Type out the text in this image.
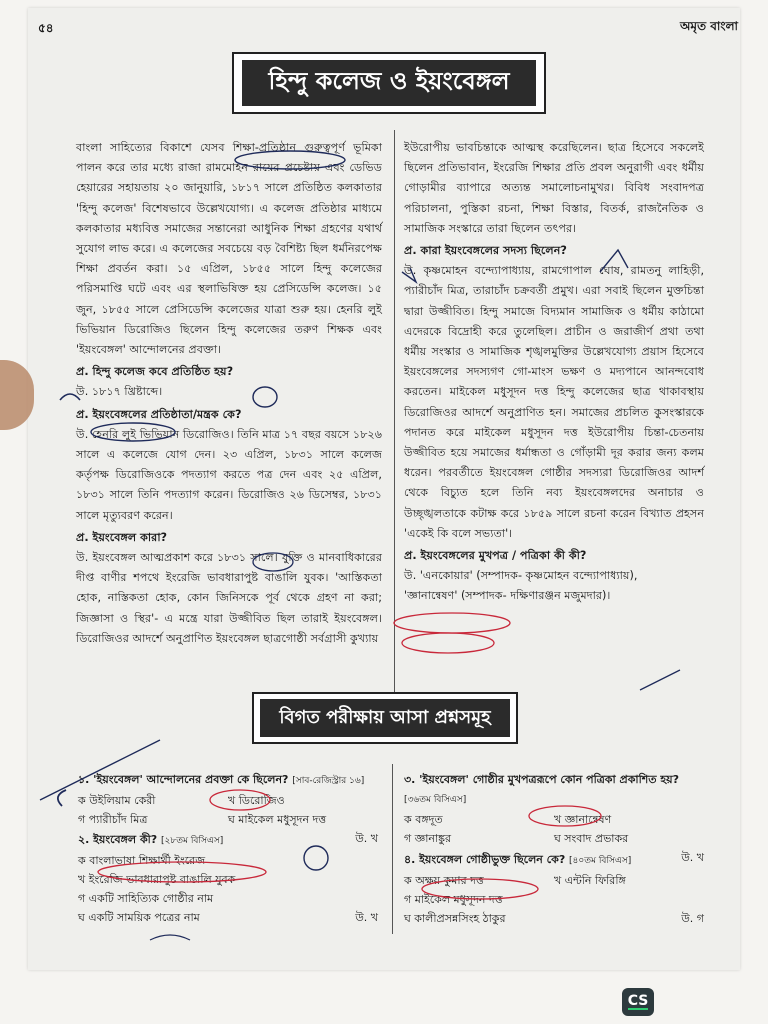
৫৪	অমৃত বাংলা
হিন্দু কলেজ ও ইয়ংবেঙ্গল

বাংলা সাহিত্যের বিকাশে যেসব শিক্ষা-প্রতিষ্ঠান গুরুত্বপূর্ণ ভূমিকা পালন করে তার মধ্যে রাজা রামমোহন রায়ের প্রচেষ্টায় এবং ডেভিড হেয়ারের সহায়তায় ২০ জানুয়ারি, ১৮১৭ সালে প্রতিষ্ঠিত কলকাতার 'হিন্দু কলেজ' বিশেষভাবে উল্লেখযোগ্য। এ কলেজ প্রতিষ্ঠার মাধ্যমে কলকাতার মধ্যবিত্ত সমাজের সন্তানেরা আধুনিক শিক্ষা গ্রহণের যথার্থ সুযোগ লাভ করে। এ কলেজের সবচেয়ে বড় বৈশিষ্ট্য ছিল ধর্মনিরপেক্ষ শিক্ষা প্রবর্তন করা। ১৫ এপ্রিল, ১৮৫৫ সালে হিন্দু কলেজের পরিসমাপ্তি ঘটে এবং এর স্থলাভিষিক্ত হয় প্রেসিডেন্সি কলেজ। ১৫ জুন, ১৮৫৫ সালে প্রেসিডেন্সি কলেজের যাত্রা শুরু হয়। হেনরি লুই ভিভিয়ান ডিরোজিও ছিলেন হিন্দু কলেজের তরুণ শিক্ষক এবং 'ইয়ংবেঙ্গল' আন্দোলনের প্রবক্তা।

প্র. হিন্দু কলেজ কবে প্রতিষ্ঠিত হয়?

উ. ১৮১৭ খ্রিষ্টাব্দে।

প্র. ইয়ংবেঙ্গলের প্রতিষ্ঠাতা/মন্ত্রক কে?

উ. হেনরি লুই ভিভিয়ান ডিরোজিও। তিনি মাত্র ১৭ বছর বয়সে ১৮২৬ সালে এ কলেজে যোগ দেন। ২৩ এপ্রিল, ১৮৩১ সালে কলেজ কর্তৃপক্ষ ডিরোজিওকে পদত্যাগ করতে পত্র দেন এবং ২৫ এপ্রিল, ১৮৩১ সালে তিনি পদত্যাগ করেন। ডিরোজিও ২৬ ডিসেম্বর, ১৮৩১ সালে মৃত্যুবরণ করেন।

প্র. ইয়ংবেঙ্গল কারা?

উ. ইয়ংবেঙ্গল আত্মপ্রকাশ করে ১৮৩১ সালে। যুক্তি ও মানবাধিকারের দীপ্ত বাণীর শপথে ইংরেজি ভাবধারাপুষ্ট বাঙালি যুবক। 'আস্তিকতা হোক, নাস্তিকতা হোক, কোন জিনিসকে পূর্ব থেকে গ্রহণ না করা; জিজ্ঞাসা ও স্থির'- এ মন্ত্রে যারা উজ্জীবিত ছিল তারাই ইয়ংবেঙ্গল। ডিরোজিওর আদর্শে অনুপ্রাণিত ইয়ংবেঙ্গল ছাত্রগোষ্ঠী সর্বগ্রাসী কুখ্যায়

ইউরোপীয় ভাবচিন্তাকে আত্মস্থ করেছিলেন। ছাত্র হিসেবে সকলেই ছিলেন প্রতিভাবান, ইংরেজি শিক্ষার প্রতি প্রবল অনুরাগী এবং ধর্মীয় গোড়ামীর ব্যাপারে অত্যন্ত সমালোচনামুখর। বিবিধ সংবাদপত্র পরিচালনা, পুস্তিকা রচনা, শিক্ষা বিস্তার, বিতর্ক, রাজনৈতিক ও সামাজিক সংস্কারে তারা ছিলেন তৎপর।

প্র. কারা ইয়ংবেঙ্গলের সদস্য ছিলেন?

উ. কৃষ্ণমোহন বন্দ্যোপাধ্যায়, রামগোপাল ঘোষ, রামতনু লাহিড়ী, প্যারীচাঁদ মিত্র, তারাচাঁদ চক্রবর্তী প্রমুখ। এরা সবাই ছিলেন মুক্তচিন্তা দ্বারা উজ্জীবিত। হিন্দু সমাজে বিদ্যমান সামাজিক ও ধর্মীয় কাঠামো এদেরকে বিদ্রোহী করে তুলেছিল। প্রাচীন ও জরাজীর্ণ প্রথা তথা ধর্মীয় সংস্কার ও সামাজিক শৃঙ্খলমুক্তির উল্লেখযোগ্য প্রয়াস হিসেবে ইয়ংবেঙ্গলের সদস্যগণ গো-মাংস ভক্ষণ ও মদ্যপানে আনন্দবোধ করতেন। মাইকেল মধুসূদন দত্ত হিন্দু কলেজের ছাত্র থাকাবস্থায় ডিরোজিওর আদর্শে অনুপ্রাণিত হন। সমাজের প্রচলিত কুসংস্কারকে পদানত করে মাইকেল মধুসূদন দত্ত ইউরোপীয় চিন্তা-চেতনায় উজ্জীবিত হয়ে সমাজের ধর্মান্ধতা ও গোঁড়ামী দূর করার জন্য কলম ধরেন। পরবর্তীতে ইয়ংবেঙ্গল গোষ্ঠীর সদস্যরা ডিরোজিওর আদর্শ থেকে বিচ্যুত হলে তিনি নব্য ইয়ংবেঙ্গলদের অনাচার ও উচ্ছৃঙ্খলতাকে কটাক্ষ করে ১৮৫৯ সালে রচনা করেন বিখ্যাত প্রহসন 'একেই কি বলে সভ্যতা'।

প্র. ইয়ংবেঙ্গলের মুখপত্র / পত্রিকা কী কী?

উ. 'এনকোয়ার' (সম্পাদক- কৃষ্ণমোহন বন্দ্যোপাধ্যায়),

'জ্ঞানান্বেষণ' (সম্পাদক- দক্ষিণারঞ্জন মজুমদার)।

বিগত পরীক্ষায় আসা প্রশ্নসমূহ
১. 'ইয়ংবেঙ্গল' আন্দোলনের প্রবক্তা কে ছিলেন? [সাব-রেজিস্ট্রার ১৬]
ক উইলিয়াম কেরী	খ ডিরোজিও
গ প্যারীচাঁদ মিত্র	ঘ মাইকেল মধুসূদন দত্ত
উ. খ
২. ইয়ংবেঙ্গল কী? [২৮তম বিসিএস]
ক বাংলাভাষা শিক্ষার্থী ইংরেজ
খ ইংরেজি ভাবধারাপুষ্ট বাঙালি যুবক
গ একটি সাহিত্যিক গোষ্ঠীর নাম
ঘ একটি সাময়িক পত্রের নাম	উ. খ
৩. 'ইয়ংবেঙ্গল' গোষ্ঠীর মুখপত্ররূপে কোন পত্রিকা প্রকাশিত হয়? [৩৬তম বিসিএস]
ক বঙ্গদূত	খ জ্ঞানান্বেষণ
গ জ্ঞানাঙ্কুর	ঘ সংবাদ প্রভাকর
উ. খ
৪. ইয়ংবেঙ্গল গোষ্ঠীভুক্ত ছিলেন কে? [৪০তম বিসিএস]
ক অক্ষয় কুমার দত্ত	খ এন্টনি ফিরিঙ্গি
গ মাইকেল মধুসূদন দত্ত
ঘ কালীপ্রসন্নসিংহ ঠাকুর	উ. গ
CS
